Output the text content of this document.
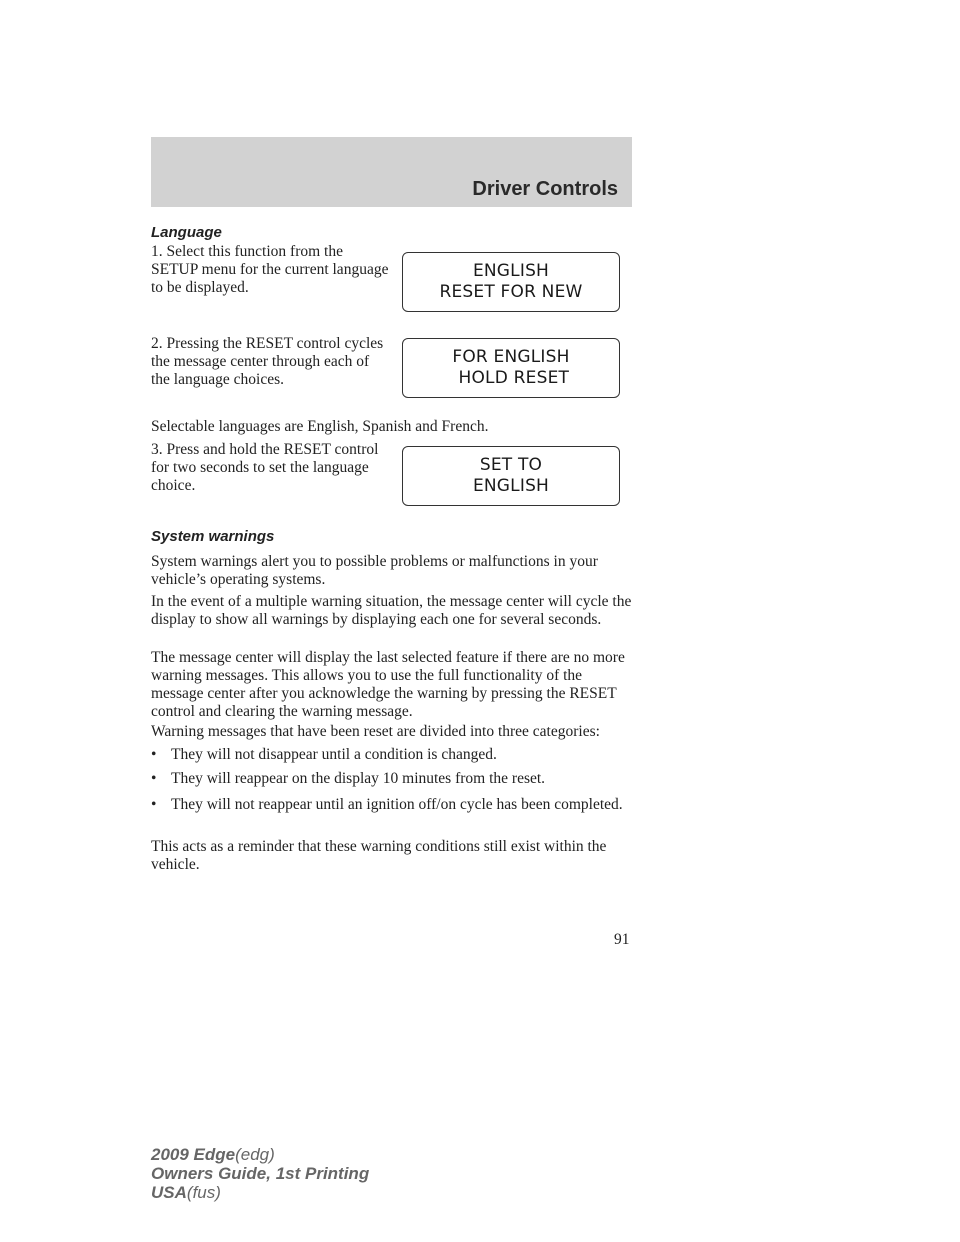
Driver Controls
Language

1. Select this function from the SETUP menu for the current language to be displayed.

ENGLISH
RESET FOR NEW

2. Pressing the RESET control cycles the message center through each of the language choices.

FOR ENGLISH
HOLD RESET

Selectable languages are English, Spanish and French.

3. Press and hold the RESET control for two seconds to set the language choice.

SET TO
ENGLISH
System warnings

System warnings alert you to possible problems or malfunctions in your vehicle’s operating systems.

In the event of a multiple warning situation, the message center will cycle the display to show all warnings by displaying each one for several seconds.

The message center will display the last selected feature if there are no more warning messages. This allows you to use the full functionality of the message center after you acknowledge the warning by pressing the RESET control and clearing the warning message.

Warning messages that have been reset are divided into three categories:

• They will not disappear until a condition is changed.
• They will reappear on the display 10 minutes from the reset.
• They will not reappear until an ignition off/on cycle has been completed.

This acts as a reminder that these warning conditions still exist within the vehicle.

91
2009 Edge(edg)
Owners Guide, 1st Printing
USA(fus)
